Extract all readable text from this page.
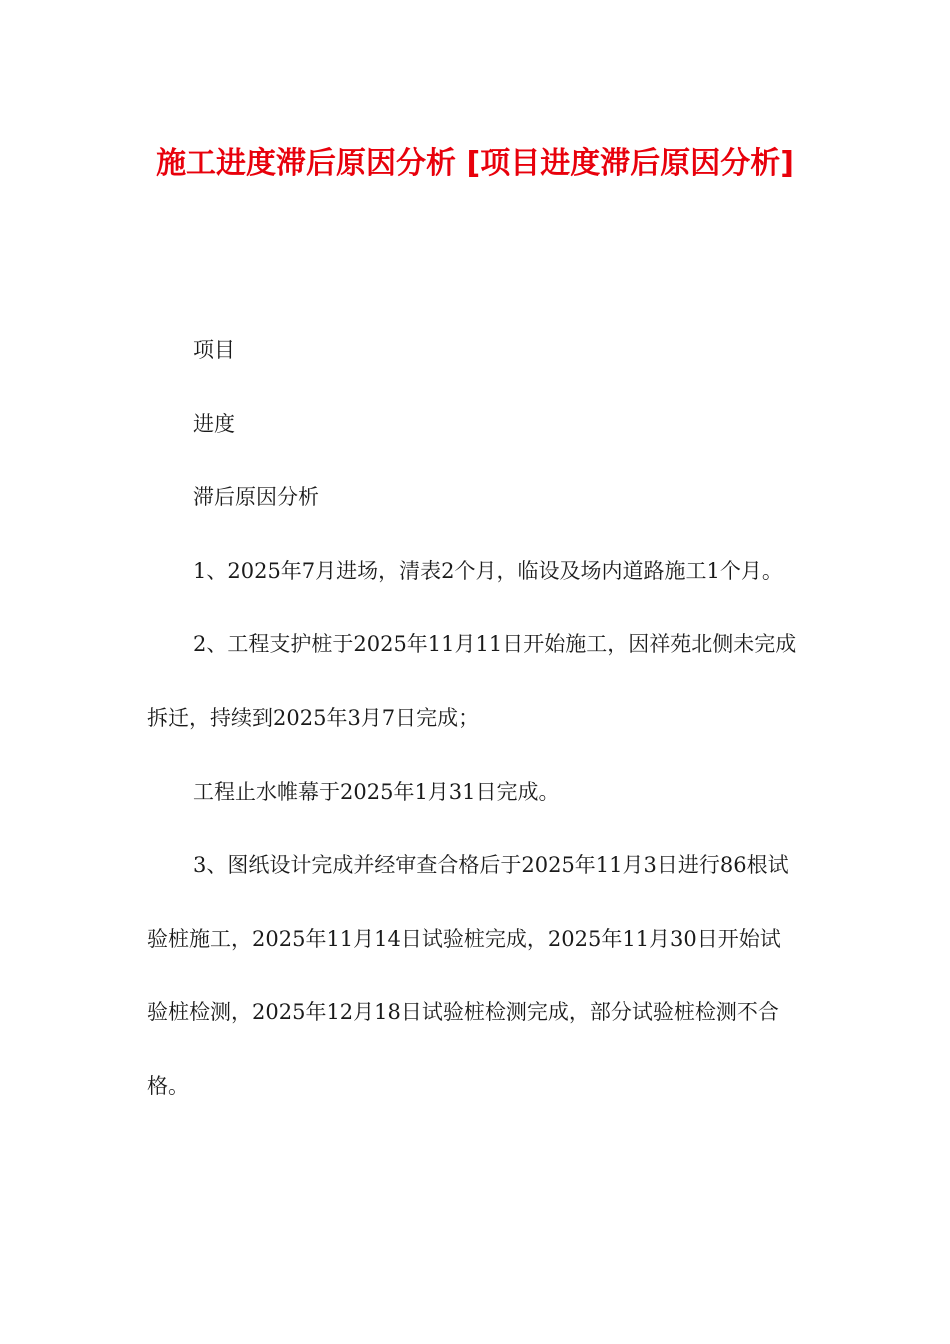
施工进度滞后原因分析 [项目进度滞后原因分析]

项目

进度

滞后原因分析

1、2025年7月进场，清表2个月，临设及场内道路施工1个月。

2、工程支护桩于2025年11月11日开始施工，因祥苑北侧未完成拆迁，持续到2025年3月7日完成；

工程止水帷幕于2025年1月31日完成。

3、图纸设计完成并经审查合格后于2025年11月3日进行86根试验桩施工，2025年11月14日试验桩完成，2025年11月30日开始试验桩检测，2025年12月18日试验桩检测完成，部分试验桩检测不合格。
